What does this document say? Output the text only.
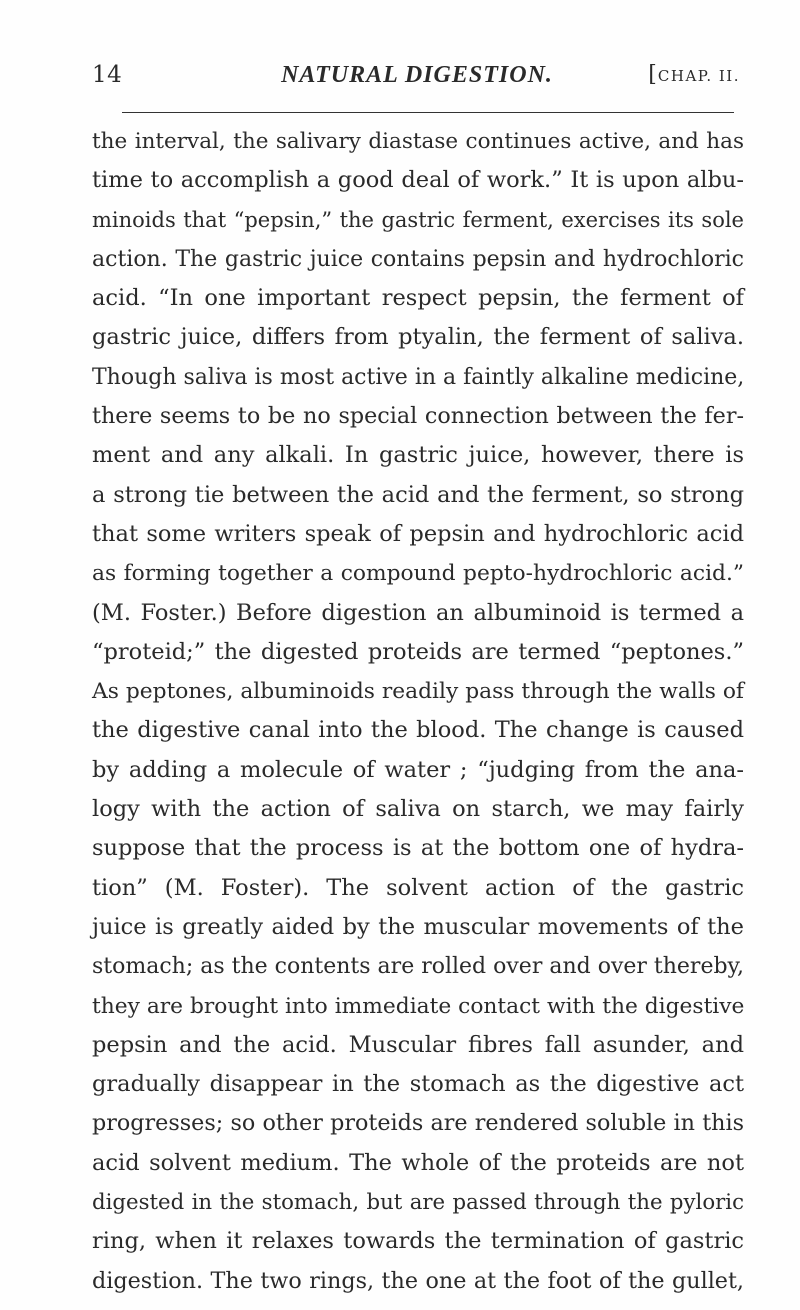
14	NATURAL DIGESTION.	[CHAP. II.
the interval, the salivary diastase continues active, and has
time to accomplish a good deal of work.” It is upon albu-
minoids that “pepsin,” the gastric ferment, exercises its sole
action. The gastric juice contains pepsin and hydrochloric
acid. “In one important respect pepsin, the ferment of
gastric juice, differs from ptyalin, the ferment of saliva.
Though saliva is most active in a faintly alkaline medicine,
there seems to be no special connection between the fer-
ment and any alkali. In gastric juice, however, there is
a strong tie between the acid and the ferment, so strong
that some writers speak of pepsin and hydrochloric acid
as forming together a compound pepto-hydrochloric acid.”
(M. Foster.) Before digestion an albuminoid is termed a
“proteid;” the digested proteids are termed “peptones.”
As peptones, albuminoids readily pass through the walls of
the digestive canal into the blood. The change is caused
by adding a molecule of water ; “judging from the ana-
logy with the action of saliva on starch, we may fairly
suppose that the process is at the bottom one of hydra-
tion” (M. Foster). The solvent action of the gastric
juice is greatly aided by the muscular movements of the
stomach; as the contents are rolled over and over thereby,
they are brought into immediate contact with the digestive
pepsin and the acid. Muscular fibres fall asunder, and
gradually disappear in the stomach as the digestive act
progresses; so other proteids are rendered soluble in this
acid solvent medium. The whole of the proteids are not
digested in the stomach, but are passed through the pyloric
ring, when it relaxes towards the termination of gastric
digestion. The two rings, the one at the foot of the gullet,
